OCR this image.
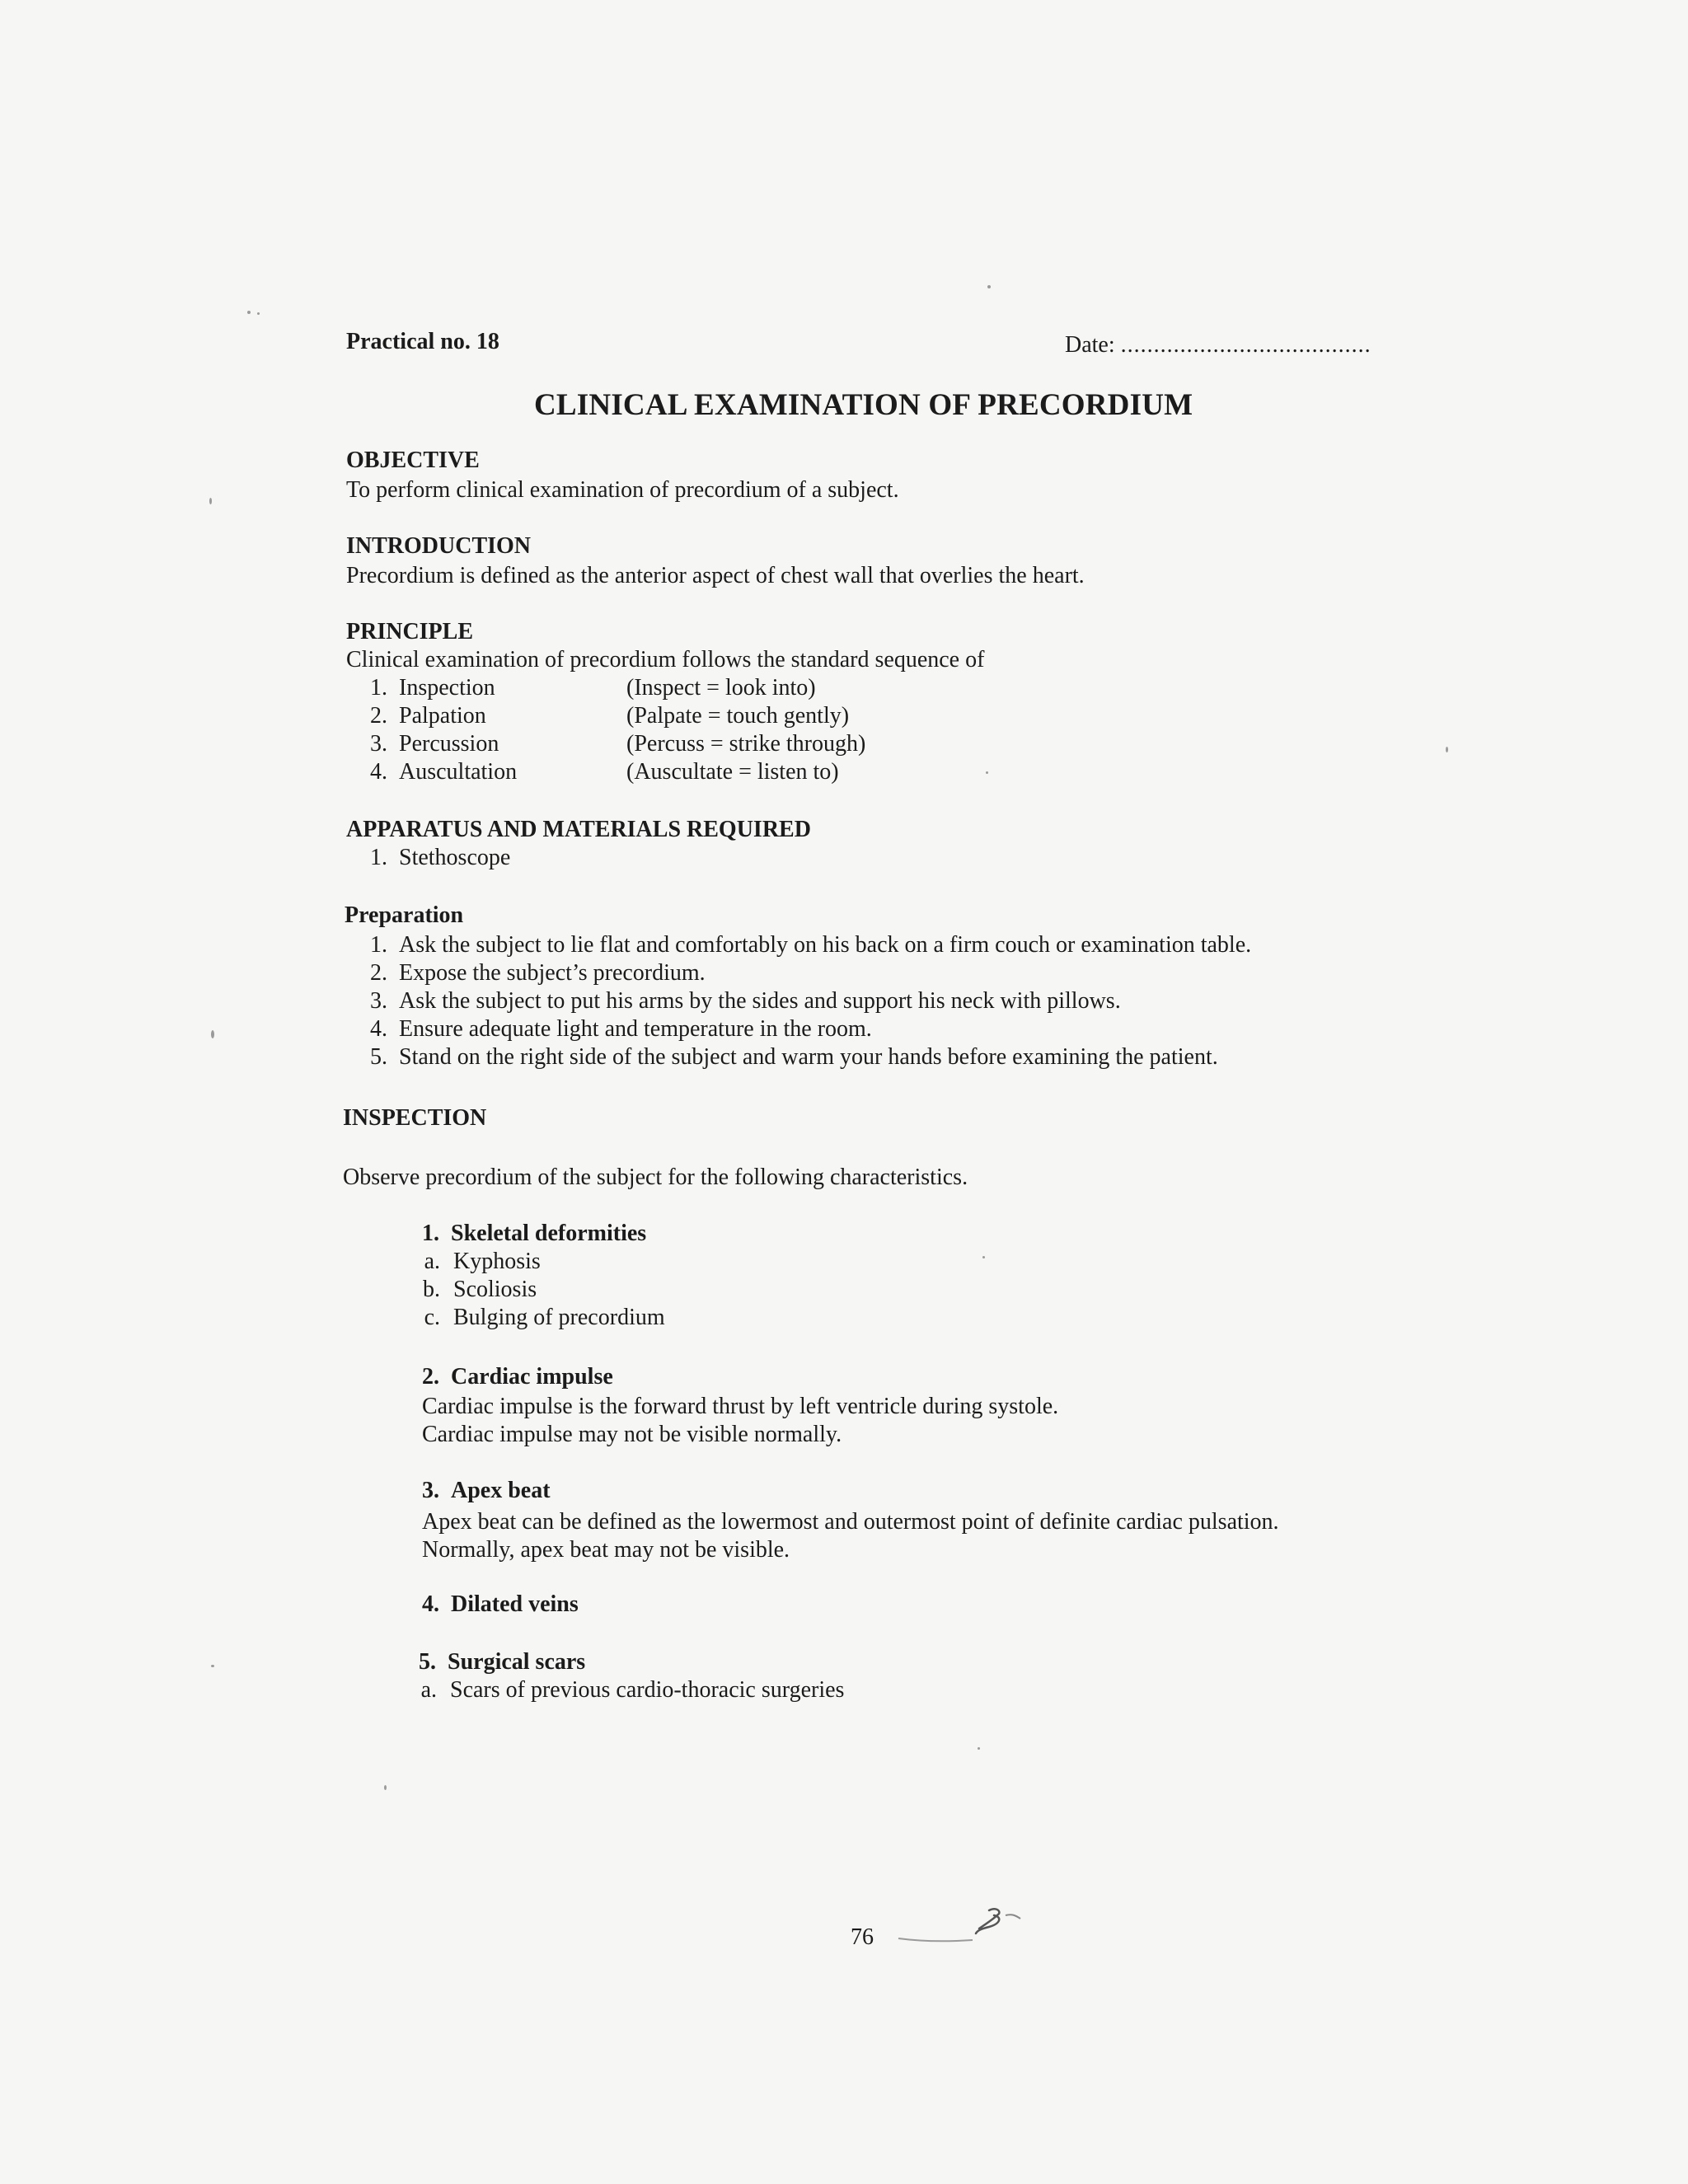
Practical no. 18	Date: ......................................
CLINICAL EXAMINATION OF PRECORDIUM
OBJECTIVE
To perform clinical examination of precordium of a subject.
INTRODUCTION
Precordium is defined as the anterior aspect of chest wall that overlies the heart.
PRINCIPLE
Clinical examination of precordium follows the standard sequence of
1. Inspection	(Inspect = look into)
2. Palpation	(Palpate = touch gently)
3. Percussion	(Percuss = strike through)
4. Auscultation	(Auscultate = listen to)
APPARATUS AND MATERIALS REQUIRED
1. Stethoscope
Preparation
1. Ask the subject to lie flat and comfortably on his back on a firm couch or examination table.
2. Expose the subject’s precordium.
3. Ask the subject to put his arms by the sides and support his neck with pillows.
4. Ensure adequate light and temperature in the room.
5. Stand on the right side of the subject and warm your hands before examining the patient.
INSPECTION
Observe precordium of the subject for the following characteristics.
1. Skeletal deformities
a. Kyphosis
b. Scoliosis
c. Bulging of precordium
2. Cardiac impulse
Cardiac impulse is the forward thrust by left ventricle during systole.
Cardiac impulse may not be visible normally.
3. Apex beat
Apex beat can be defined as the lowermost and outermost point of definite cardiac pulsation.
Normally, apex beat may not be visible.
4. Dilated veins
5. Surgical scars
a. Scars of previous cardio-thoracic surgeries
76
